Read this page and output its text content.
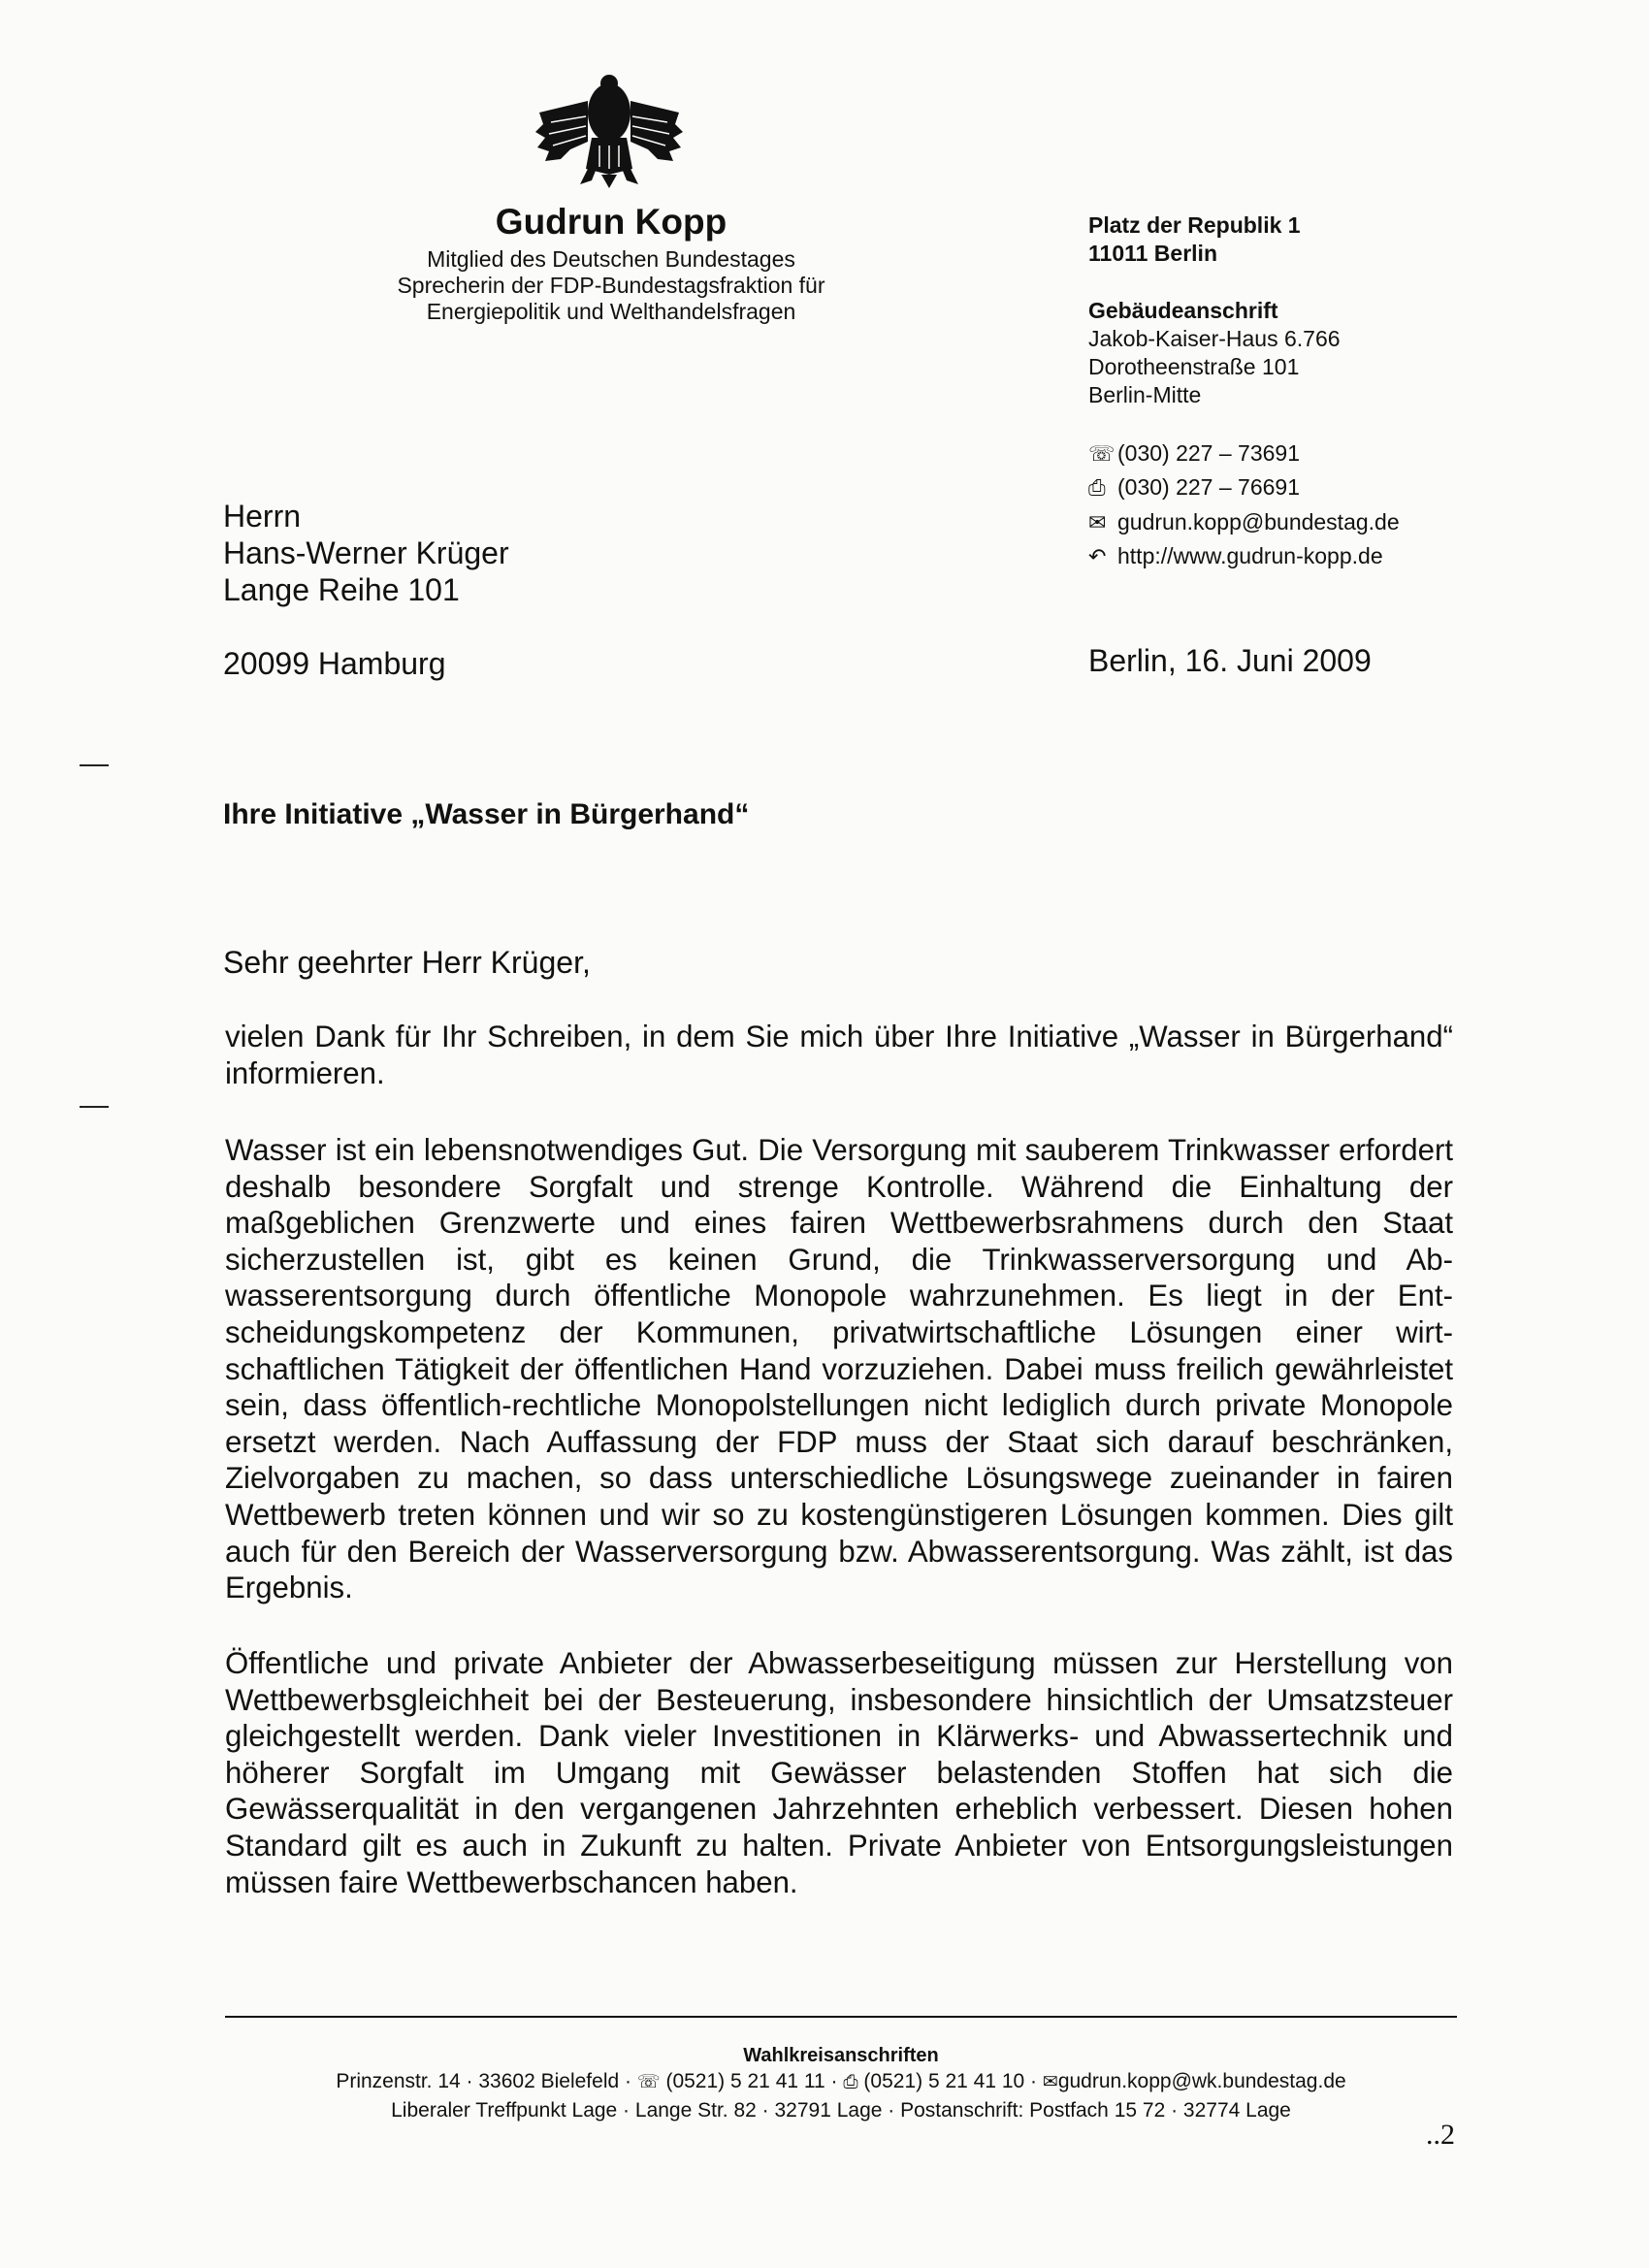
Gudrun Kopp
Mitglied des Deutschen Bundestages
Sprecherin der FDP-Bundestagsfraktion für
Energiepolitik und Welthandelsfragen
Platz der Republik 1
11011 Berlin
Gebäudeanschrift
Jakob-Kaiser-Haus 6.766
Dorotheenstraße 101
Berlin-Mitte
☏ (030) 227 – 73691
⎙ (030) 227 – 76691
✉ gudrun.kopp@bundestag.de
↶ http://www.gudrun-kopp.de
Herrn
Hans-Werner Krüger
Lange Reihe 101
20099 Hamburg	Berlin, 16. Juni 2009
Ihre Initiative „Wasser in Bürgerhand“
Sehr geehrter Herr Krüger,
vielen Dank für Ihr Schreiben, in dem Sie mich über Ihre Initiative „Wasser in Bürgerhand“ informieren.
Wasser ist ein lebensnotwendiges Gut. Die Versorgung mit sauberem Trinkwasser erfordert deshalb besondere Sorgfalt und strenge Kontrolle. Während die Einhaltung der maßgeblichen Grenzwerte und eines fairen Wettbewerbsrahmens durch den Staat sicherzustellen ist, gibt es keinen Grund, die Trinkwasserversorgung und Abwasserentsorgung durch öffentliche Monopole wahrzunehmen. Es liegt in der Entscheidungskompetenz der Kommunen, privatwirtschaftliche Lösungen einer wirtschaftlichen Tätigkeit der öffentlichen Hand vorzuziehen. Dabei muss freilich gewährleistet sein, dass öffentlich-rechtliche Monopolstellungen nicht lediglich durch private Monopole ersetzt werden. Nach Auffassung der FDP muss der Staat sich darauf beschränken, Zielvorgaben zu machen, so dass unterschiedliche Lösungswege zueinander in fairen Wettbewerb treten können und wir so zu kostengünstigeren Lösungen kommen. Dies gilt auch für den Bereich der Wasserversorgung bzw. Abwasserentsorgung. Was zählt, ist das Ergebnis.
Öffentliche und private Anbieter der Abwasserbeseitigung müssen zur Herstellung von Wettbewerbsgleichheit bei der Besteuerung, insbesondere hinsichtlich der Umsatzsteuer gleichgestellt werden. Dank vieler Investitionen in Klärwerks- und Abwassertechnik und höherer Sorgfalt im Umgang mit Gewässer belastenden Stoffen hat sich die Gewässerqualität in den vergangenen Jahrzehnten erheblich verbessert. Diesen hohen Standard gilt es auch in Zukunft zu halten. Private Anbieter von Entsorgungsleistungen müssen faire Wettbewerbschancen haben.
Wahlkreisanschriften
Prinzenstr. 14 · 33602 Bielefeld · ☏ (0521) 5 21 41 11 · ⎙ (0521) 5 21 41 10 · ✉gudrun.kopp@wk.bundestag.de
Liberaler Treffpunkt Lage · Lange Str. 82 · 32791 Lage · Postanschrift: Postfach 15 72 · 32774 Lage
..2
